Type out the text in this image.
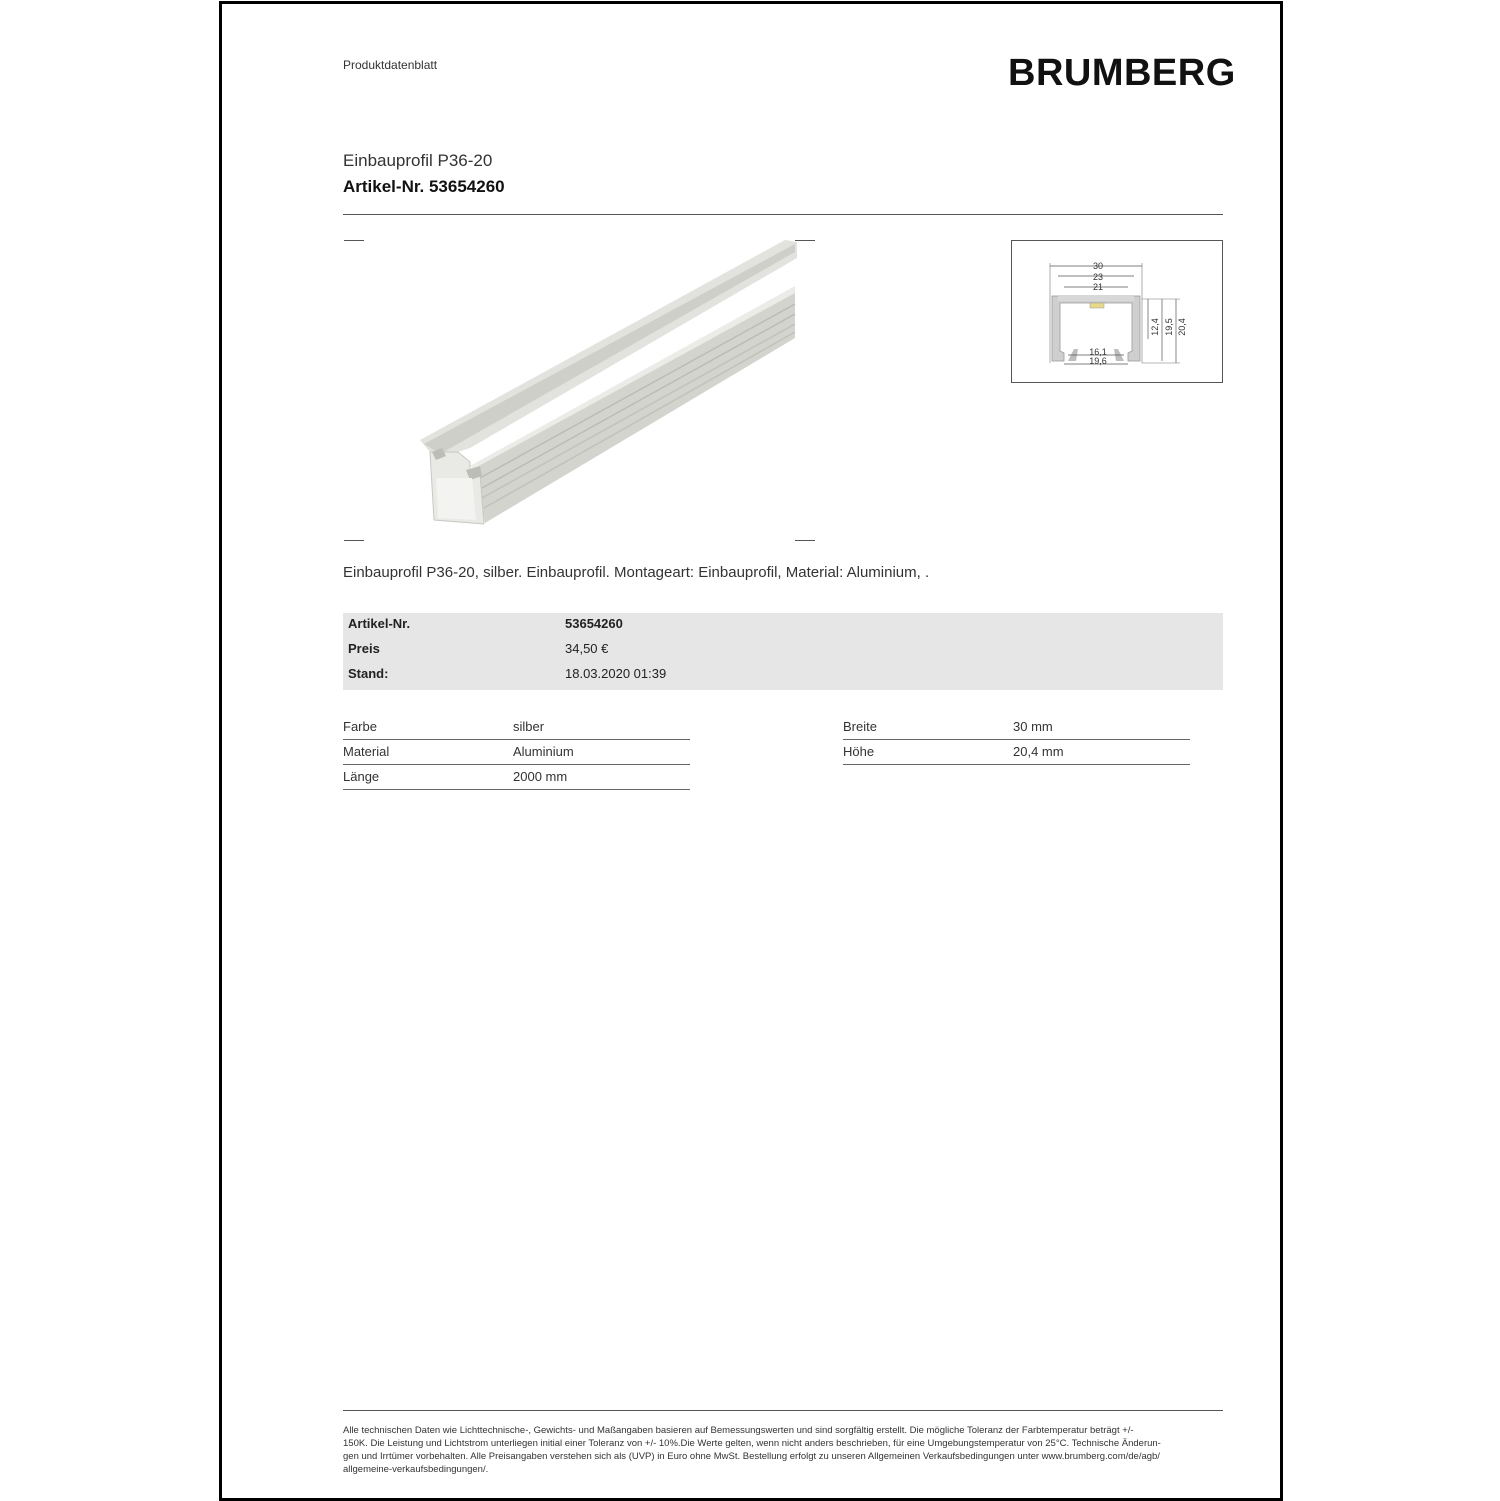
Produktdatenblatt	BRUMBERG
Einbauprofil P36-20
Artikel-Nr. 53654260
30
23
21
16,1
19,6
12,4 19,5 20,4
Einbauprofil P36-20, silber. Einbauprofil. Montageart: Einbauprofil, Material: Aluminium, .
Artikel-Nr.	53654260
Preis	34,50 €
Stand:	18.03.2020 01:39
Farbe	silber
Material	Aluminium
Länge	2000 mm
Breite	30 mm
Höhe	20,4 mm
Alle technischen Daten wie Lichttechnische-, Gewichts- und Maßangaben basieren auf Bemessungswerten und sind sorgfältig erstellt. Die mögliche Toleranz der Farbtemperatur beträgt +/-
150K. Die Leistung und Lichtstrom unterliegen initial einer Toleranz von +/- 10%.Die Werte gelten, wenn nicht anders beschrieben, für eine Umgebungstemperatur von 25°C. Technische Änderun-
gen und Irrtümer vorbehalten. Alle Preisangaben verstehen sich als (UVP) in Euro ohne MwSt. Bestellung erfolgt zu unseren Allgemeinen Verkaufsbedingungen unter www.brumberg.com/de/agb/
allgemeine-verkaufsbedingungen/.
